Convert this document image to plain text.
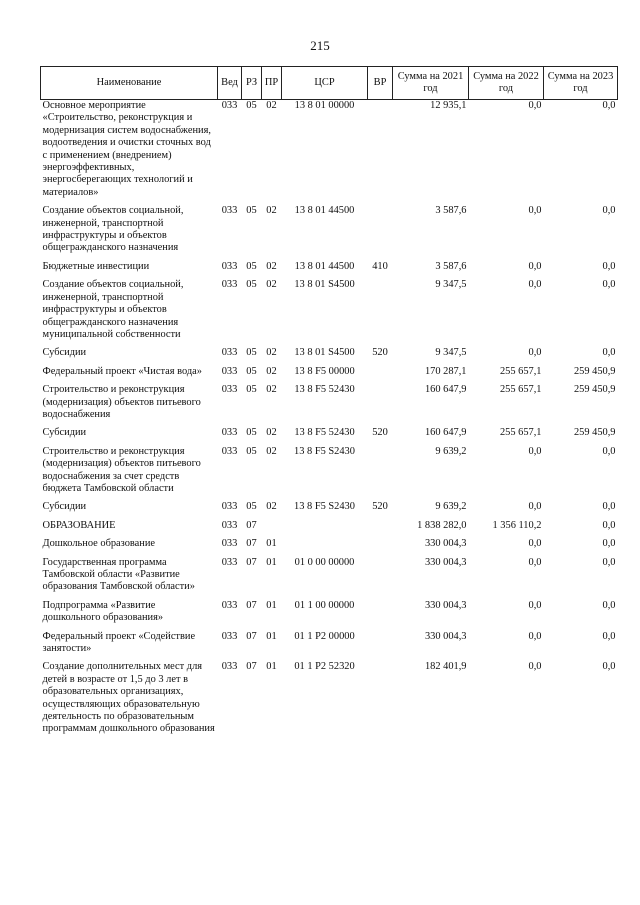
215
Наименование	Вед	РЗ	ПР	ЦСР	ВР	Сумма на 2021 год	Сумма на 2022 год	Сумма на 2023 год
Основное мероприятие «Строительство, реконструкция и модернизация систем водоснабжения, водоотведения и очистки сточных вод с применением (внедрением) энергоэффективных, энергосберегающих технологий и материалов»	033	05	02	13 8 01 00000		12 935,1	0,0	0,0
Создание объектов социальной, инженерной, транспортной инфраструктуры и объектов общегражданского назначения	033	05	02	13 8 01 44500		3 587,6	0,0	0,0
Бюджетные инвестиции	033	05	02	13 8 01 44500	410	3 587,6	0,0	0,0
Создание объектов социальной, инженерной, транспортной инфраструктуры и объектов общегражданского назначения муниципальной собственности	033	05	02	13 8 01 S4500		9 347,5	0,0	0,0
Субсидии	033	05	02	13 8 01 S4500	520	9 347,5	0,0	0,0
Федеральный проект «Чистая вода»	033	05	02	13 8 F5 00000		170 287,1	255 657,1	259 450,9
Строительство и реконструкция (модернизация) объектов питьевого водоснабжения	033	05	02	13 8 F5 52430		160 647,9	255 657,1	259 450,9
Субсидии	033	05	02	13 8 F5 52430	520	160 647,9	255 657,1	259 450,9
Строительство и реконструкция (модернизация) объектов питьевого водоснабжения за счет средств бюджета Тамбовской области	033	05	02	13 8 F5 S2430		9 639,2	0,0	0,0
Субсидии	033	05	02	13 8 F5 S2430	520	9 639,2	0,0	0,0
ОБРАЗОВАНИЕ	033	07				1 838 282,0	1 356 110,2	0,0
Дошкольное образование	033	07	01			330 004,3	0,0	0,0
Государственная программа Тамбовской области «Развитие образования Тамбовской области»	033	07	01	01 0 00 00000		330 004,3	0,0	0,0
Подпрограмма «Развитие дошкольного образования»	033	07	01	01 1 00 00000		330 004,3	0,0	0,0
Федеральный проект «Содействие занятости»	033	07	01	01 1 P2 00000		330 004,3	0,0	0,0
Создание дополнительных мест для детей в возрасте от 1,5 до 3 лет в образовательных организациях, осуществляющих образовательную деятельность по образовательным программам дошкольного образования	033	07	01	01 1 P2 52320		182 401,9	0,0	0,0
